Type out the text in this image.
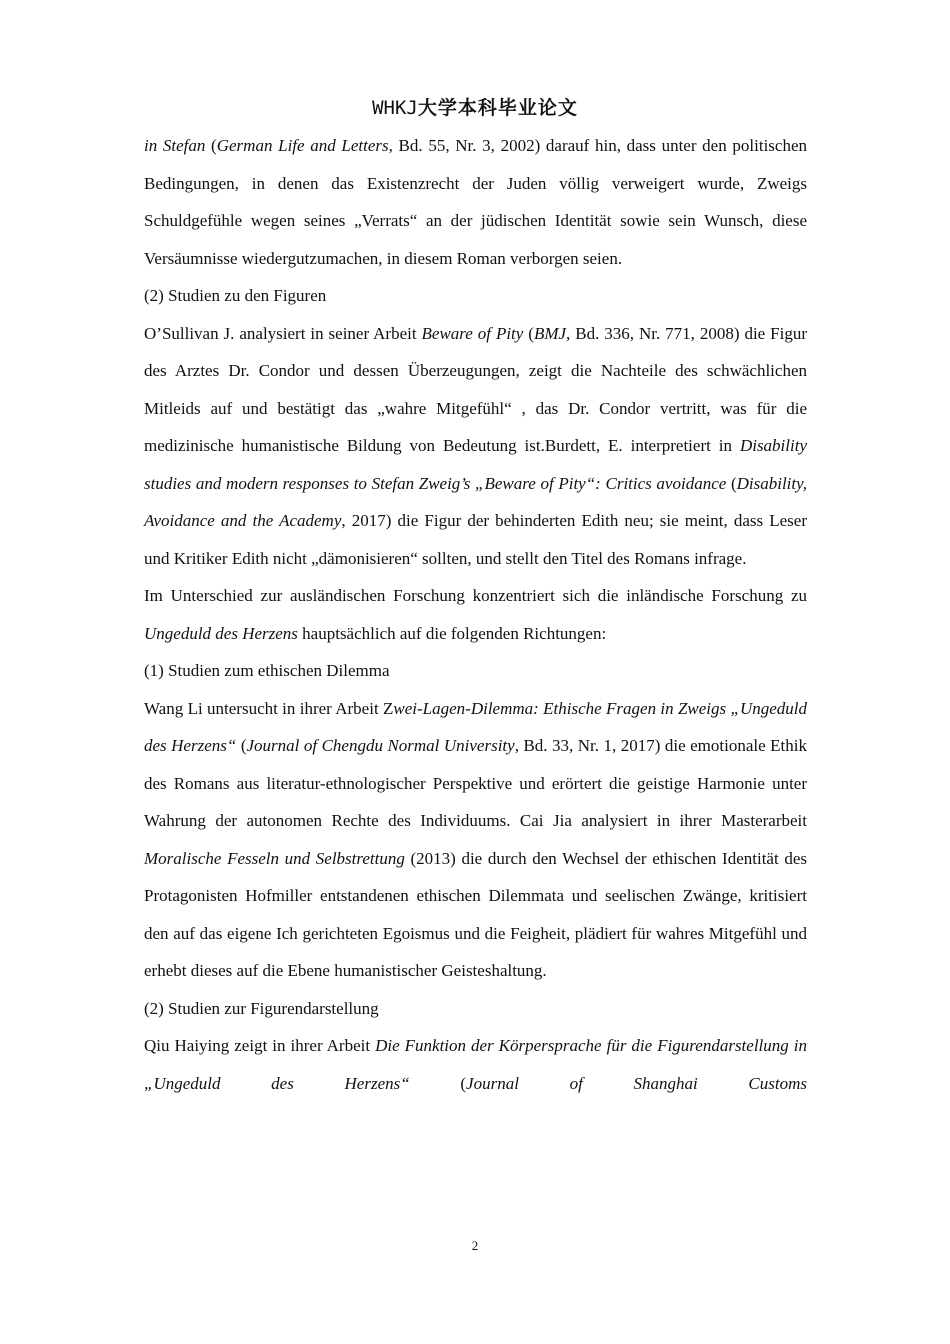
WHKJ大学本科毕业论文

in Stefan (German Life and Letters, Bd. 55, Nr. 3, 2002) darauf hin, dass unter den politischen Bedingungen, in denen das Existenzrecht der Juden völlig verweigert wurde, Zweigs Schuldgefühle wegen seines „Verrats“ an der jüdischen Identität sowie sein Wunsch, diese Versäumnisse wiedergutzumachen, in diesem Roman verborgen seien.

(2) Studien zu den Figuren

O’Sullivan J. analysiert in seiner Arbeit Beware of Pity (BMJ, Bd. 336, Nr. 771, 2008) die Figur des Arztes Dr. Condor und dessen Überzeugungen, zeigt die Nachteile des schwächlichen Mitleids auf und bestätigt das „wahre Mitgefühl“ , das Dr. Condor vertritt, was für die medizinische humanistische Bildung von Bedeutung ist.Burdett, E. interpretiert in Disability studies and modern responses to Stefan Zweig’s „Beware of Pity“: Critics avoidance (Disability, Avoidance and the Academy, 2017) die Figur der behinderten Edith neu; sie meint, dass Leser und Kritiker Edith nicht „dämonisieren“ sollten, und stellt den Titel des Romans infrage.

Im Unterschied zur ausländischen Forschung konzentriert sich die inländische Forschung zu Ungeduld des Herzens hauptsächlich auf die folgenden Richtungen:

(1) Studien zum ethischen Dilemma

Wang Li untersucht in ihrer Arbeit Zwei-Lagen-Dilemma: Ethische Fragen in Zweigs „Ungeduld des Herzens“ (Journal of Chengdu Normal University, Bd. 33, Nr. 1, 2017) die emotionale Ethik des Romans aus literatur-ethnologischer Perspektive und erörtert die geistige Harmonie unter Wahrung der autonomen Rechte des Individuums. Cai Jia analysiert in ihrer Masterarbeit Moralische Fesseln und Selbstrettung (2013) die durch den Wechsel der ethischen Identität des Protagonisten Hofmiller entstandenen ethischen Dilemmata und seelischen Zwänge, kritisiert den auf das eigene Ich gerichteten Egoismus und die Feigheit, plädiert für wahres Mitgefühl und erhebt dieses auf die Ebene humanistischer Geisteshaltung.

(2) Studien zur Figurendarstellung

Qiu Haiying zeigt in ihrer Arbeit Die Funktion der Körpersprache für die Figurendarstellung in „Ungeduld des Herzens“ (Journal of Shanghai Customs

2
